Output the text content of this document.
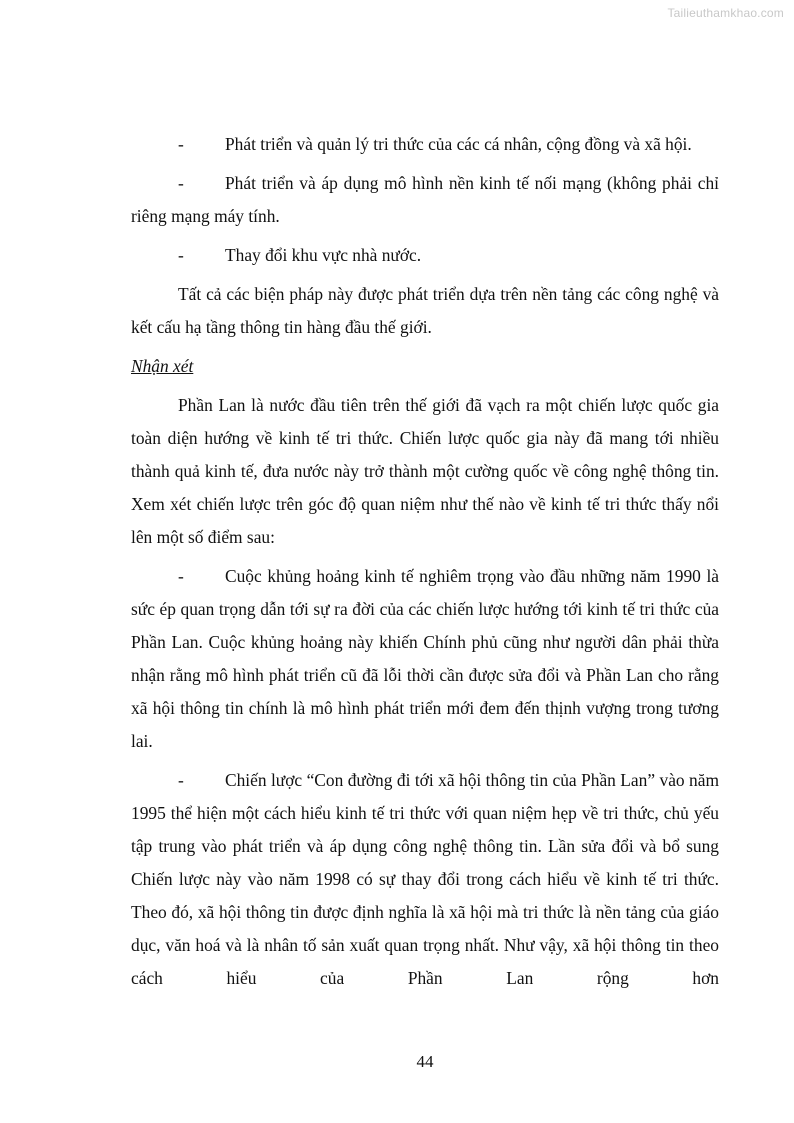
Tailieuthamkhao.com

- Phát triển và quản lý tri thức của các cá nhân, cộng đồng và xã hội.

- Phát triển và áp dụng mô hình nền kinh tế nối mạng (không phải chỉ riêng mạng máy tính.

- Thay đổi khu vực nhà nước.

Tất cả các biện pháp này được phát triển dựa trên nền tảng các công nghệ và kết cấu hạ tầng thông tin hàng đầu thế giới.

Nhận xét

Phần Lan là nước đầu tiên trên thế giới đã vạch ra một chiến lược quốc gia toàn diện hướng về kinh tế tri thức. Chiến lược quốc gia này đã mang tới nhiều thành quả kinh tế, đưa nước này trở thành một cường quốc về công nghệ thông tin. Xem xét chiến lược trên góc độ quan niệm như thế nào về kinh tế tri thức thấy nổi lên một số điểm sau:

- Cuộc khủng hoảng kinh tế nghiêm trọng vào đầu những năm 1990 là sức ép quan trọng dẫn tới sự ra đời của các chiến lược hướng tới kinh tế tri thức của Phần Lan. Cuộc khủng hoảng này khiến Chính phủ cũng như người dân phải thừa nhận rằng mô hình phát triển cũ đã lỗi thời cần được sửa đổi và Phần Lan cho rằng xã hội thông tin chính là mô hình phát triển mới đem đến thịnh vượng trong tương lai.

- Chiến lược “Con đường đi tới xã hội thông tin của Phần Lan” vào năm 1995 thể hiện một cách hiểu kinh tế tri thức với quan niệm hẹp về tri thức, chủ yếu tập trung vào phát triển và áp dụng công nghệ thông tin. Lần sửa đổi và bổ sung Chiến lược này vào năm 1998 có sự thay đổi trong cách hiểu về kinh tế tri thức. Theo đó, xã hội thông tin được định nghĩa là xã hội mà tri thức là nền tảng của giáo dục, văn hoá và là nhân tố sản xuất quan trọng nhất. Như vậy, xã hội thông tin theo cách hiểu của Phần Lan rộng hơn

44
